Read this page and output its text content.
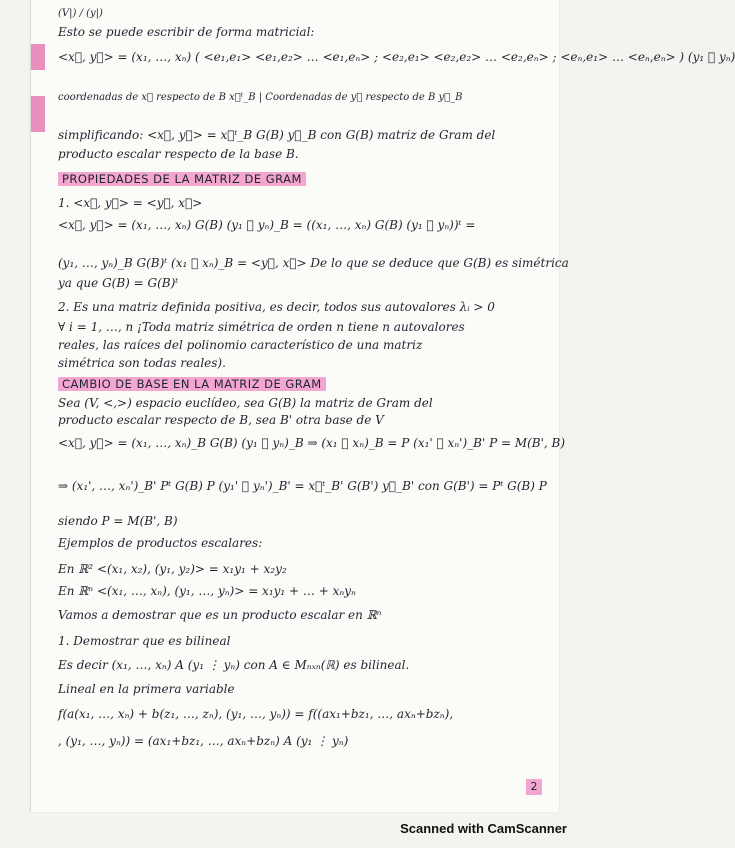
(V|) / (y|)
Esto se puede escribir de forma matricial:
<x⃗, y⃗> = (x₁, …, xₙ) ( <e₁,e₁> <e₁,e₂> … <e₁,eₙ> ; <e₂,e₁> <e₂,e₂> … <e₂,eₙ> ; <eₙ,e₁> … <eₙ,eₙ> ) (y₁ ⋮ yₙ)
coordenadas de x⃗ respecto de B x⃗ᵗ_B | Coordenadas de y⃗ respecto de B y⃗_B
simplificando: <x⃗, y⃗> = x⃗ᵗ_B G(B) y⃗_B con G(B) matriz de Gram del
producto escalar respecto de la base B.
PROPIEDADES DE LA MATRIZ DE GRAM
1. <x⃗, y⃗> = <y⃗, x⃗>
<x⃗, y⃗> = (x₁, …, xₙ) G(B) (y₁ ⋮ yₙ)_B = ((x₁, …, xₙ) G(B) (y₁ ⋮ yₙ))ᵗ =
(y₁, …, yₙ)_B G(B)ᵗ (x₁ ⋮ xₙ)_B = <y⃗, x⃗> De lo que se deduce que G(B) es simétrica
ya que G(B) = G(B)ᵗ
2. Es una matriz definida positiva, es decir, todos sus autovalores λᵢ > 0
∀ i = 1, …, n ¡Toda matriz simétrica de orden n tiene n autovalores
reales, las raíces del polinomio característico de una matriz
simétrica son todas reales).
CAMBIO DE BASE EN LA MATRIZ DE GRAM
Sea (V, <,>) espacio euclídeo, sea G(B) la matriz de Gram del
producto escalar respecto de B, sea B' otra base de V
<x⃗, y⃗> = (x₁, …, xₙ)_B G(B) (y₁ ⋮ yₙ)_B ⇒ (x₁ ⋮ xₙ)_B = P (x₁' ⋮ xₙ')_B' P = M(B', B)
⇒ (x₁', …, xₙ')_B' Pᵗ G(B) P (y₁' ⋮ yₙ')_B' = x⃗ᵗ_B' G(B') y⃗_B' con G(B') = Pᵗ G(B) P
siendo P = M(B', B)
Ejemplos de productos escalares:
En ℝ² <(x₁, x₂), (y₁, y₂)> = x₁y₁ + x₂y₂
En ℝⁿ <(x₁, …, xₙ), (y₁, …, yₙ)> = x₁y₁ + … + xₙyₙ
Vamos a demostrar que es un producto escalar en ℝⁿ
1. Demostrar que es bilineal
Es decir (x₁, …, xₙ) A (y₁ ⋮ yₙ) con A ∈ Mₙₓₙ(ℝ) es bilineal.
Lineal en la primera variable
f(a(x₁, …, xₙ) + b(z₁, …, zₙ), (y₁, …, yₙ)) = f((ax₁+bz₁, …, axₙ+bzₙ),
, (y₁, …, yₙ)) = (ax₁+bz₁, …, axₙ+bzₙ) A (y₁ ⋮ yₙ)
2
Scanned with CamScanner
